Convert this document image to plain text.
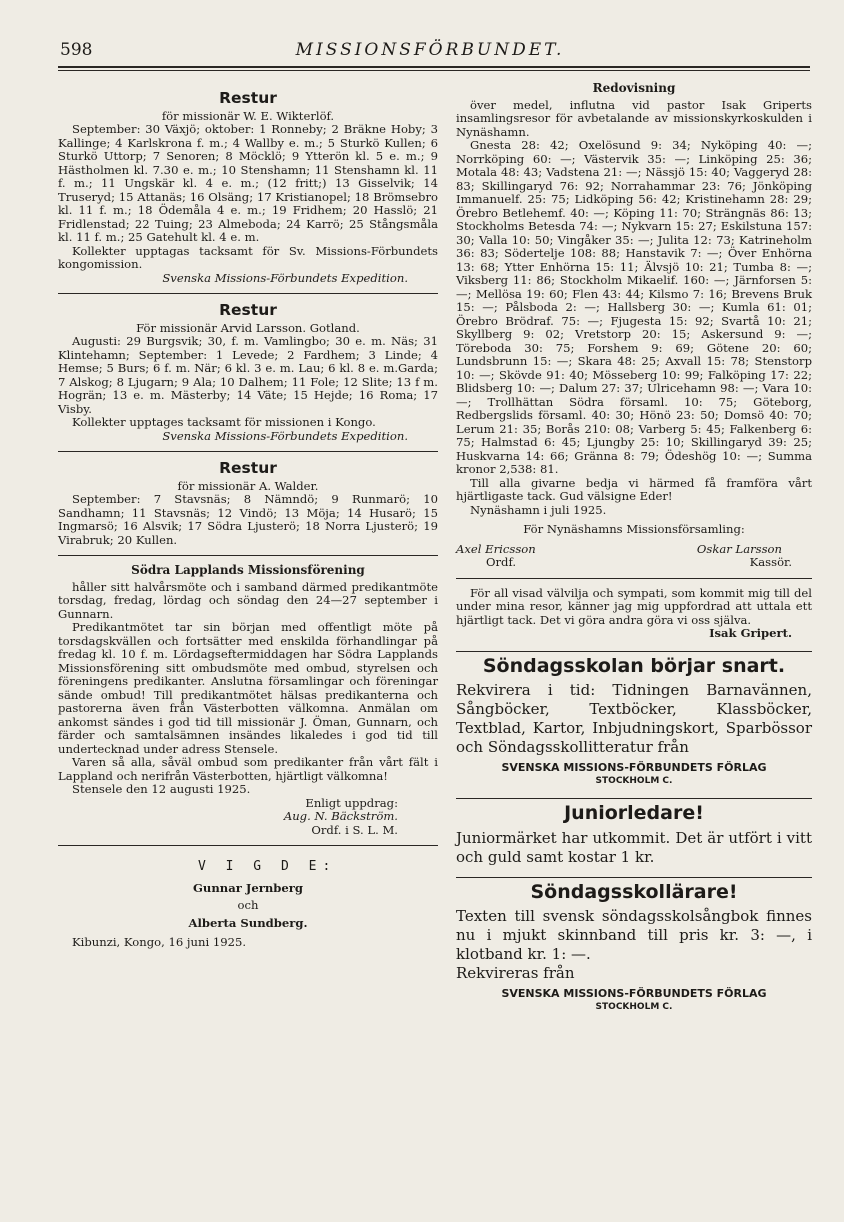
598	MISSIONSFÖRBUNDET.
Restur
för missionär W. E. Wikterlöf.
September: 30 Växjö; oktober: 1 Ronneby; 2 Bräkne Hoby; 3 Kallinge; 4 Karlskrona f. m.; 4 Wallby e. m.; 5 Sturkö Kullen; 6 Sturkö Uttorp; 7 Senoren; 8 Möcklö; 9 Ytterön kl. 5 e. m.; 9 Hästholmen kl. 7.30 e. m.; 10 Stenshamn; 11 Stenshamn kl. 11 f. m.; 11 Ungskär kl. 4 e. m.; (12 fritt;) 13 Gisselvik; 14 Truseryd; 15 Attanäs; 16 Olsäng; 17 Kristianopel; 18 Brömsebro kl. 11 f. m.; 18 Ödemåla 4 e. m.; 19 Fridhem; 20 Hasslö; 21 Fridlenstad; 22 Tuing; 23 Almeboda; 24 Karrö; 25 Stångsmåla kl. 11 f. m.; 25 Gatehult kl. 4 e. m.
Kollekter upptagas tacksamt för Sv. Missions-Förbundets kongomission.
Svenska Missions-Förbundets Expedition.
Restur
För missionär Arvid Larsson. Gotland.
Augusti: 29 Burgsvik; 30, f. m. Vamlingbo; 30 e. m. Näs; 31 Klintehamn; September: 1 Levede; 2 Fardhem; 3 Linde; 4 Hemse; 5 Burs; 6 f. m. När; 6 kl. 3 e. m. Lau; 6 kl. 8 e. m.Garda; 7 Alskog; 8 Ljugarn; 9 Ala; 10 Dalhem; 11 Fole; 12 Slite; 13 f m. Hogrän; 13 e. m. Mästerby; 14 Väte; 15 Hejde; 16 Roma; 17 Visby.
Kollekter upptages tacksamt för missionen i Kongo.
Svenska Missions-Förbundets Expedition.
Restur
för missionär A. Walder.
September: 7 Stavsnäs; 8 Nämndö; 9 Runmarö; 10 Sandhamn; 11 Stavsnäs; 12 Vindö; 13 Möja; 14 Husarö; 15 Ingmarsö; 16 Alsvik; 17 Södra Ljusterö; 18 Norra Ljusterö; 19 Virabruk; 20 Kullen.
Södra Lapplands Missionsförening
håller sitt halvårsmöte och i samband därmed predikantmöte torsdag, fredag, lördag och söndag den 24—27 september i Gunnarn.
Predikantmötet tar sin början med offentligt möte på torsdagskvällen och fortsätter med enskilda förhandlingar på fredag kl. 10 f. m. Lördagseftermiddagen har Södra Lapplands Missionsförening sitt ombudsmöte med ombud, styrelsen och föreningens predikanter. Anslutna församlingar och föreningar sände ombud! Till predikantmötet hälsas predikanterna och pastorerna även från Västerbotten välkomna. Anmälan om ankomst sändes i god tid till missionär J. Öman, Gunnarn, och färder och samtalsämnen insändes likaledes i god tid till undertecknad under adress Stensele.
Varen så alla, såväl ombud som predikanter från vårt fält i Lappland och nerifrån Västerbotten, hjärtligt välkomna!
Stensele den 12 augusti 1925.
Enligt uppdrag:
Aug. N. Bäckström.
Ordf. i S. L. M.
V I G D E:
Gunnar Jernberg
och
Alberta Sundberg.
Kibunzi, Kongo, 16 juni 1925.
Redovisning
över medel, influtna vid pastor Isak Griperts insamlingsresor för avbetalande av missionskyrkoskulden i Nynäshamn.
Gnesta 28: 42; Oxelösund 9: 34; Nyköping 40: —; Norrköping 60: —; Västervik 35: —; Linköping 25: 36; Motala 48: 43; Vadstena 21: —; Nässjö 15: 40; Vaggeryd 28: 83; Skillingaryd 76: 92; Norrahammar 23: 76; Jönköping Immanuelf. 25: 75; Lidköping 56: 42; Kristinehamn 28: 29; Örebro Betlehemf. 40: —; Köping 11: 70; Strängnäs 86: 13; Stockholms Betesda 74: —; Nykvarn 15: 27; Eskilstuna 157: 30; Valla 10: 50; Vingåker 35: —; Julita 12: 73; Katrineholm 36: 83; Södertelje 108: 88; Hanstavik 7: —; Över Enhörna 13: 68; Ytter Enhörna 15: 11; Älvsjö 10: 21; Tumba 8: —; Viksberg 11: 86; Stockholm Mikaelif. 160: —; Järnforsen 5: —; Mellösa 19: 60; Flen 43: 44; Kilsmo 7: 16; Brevens Bruk 15: —; Pålsboda 2: —; Hallsberg 30: —; Kumla 61: 01; Örebro Brödraf. 75: —; Fjugesta 15: 92; Svartå 10: 21; Skyllberg 9: 02; Vretstorp 20: 15; Askersund 9: —; Töreboda 30: 75; Forshem 9: 69; Götene 20: 60; Lundsbrunn 15: —; Skara 48: 25; Axvall 15: 78; Stenstorp 10: —; Skövde 91: 40; Mösseberg 10: 99; Falköping 17: 22; Blidsberg 10: —; Dalum 27: 37; Ulricehamn 98: —; Vara 10: —; Trollhättan Södra församl. 10: 75; Göteborg, Redbergslids församl. 40: 30; Hönö 23: 50; Domsö 40: 70; Lerum 21: 35; Borås 210: 08; Varberg 5: 45; Falkenberg 6: 75; Halmstad 6: 45; Ljungby 25: 10; Skillingaryd 39: 25; Huskvarna 14: 66; Gränna 8: 79; Ödeshög 10: —; Summa kronor 2,538: 81.
Till alla givarne bedja vi härmed få framföra vårt hjärtligaste tack. Gud välsigne Eder!
Nynäshamn i juli 1925.
För Nynäshamns Missionsförsamling:
Axel Ericsson	Oskar Larsson
Ordf.	Kassör.
För all visad välvilja och sympati, som kommit mig till del under mina resor, känner jag mig uppfordrad att uttala ett hjärtligt tack. Det vi göra andra göra vi oss själva.
Isak Gripert.
Söndagsskolan börjar snart.
Rekvirera i tid: Tidningen Barnavännen, Sångböcker, Textböcker, Klassböcker, Textblad, Kartor, Inbjudningskort, Sparbössor och Söndagsskollitteratur från
SVENSKA MISSIONS-FÖRBUNDETS FÖRLAG
STOCKHOLM C.
Juniorledare!
Juniormärket har utkommit. Det är utfört i vitt och guld samt kostar 1 kr.
Söndagsskollärare!
Texten till svensk söndagsskolsångbok finnes nu i mjukt skinnband till pris kr. 3: —, i klotband kr. 1: —.
Rekvireras från
SVENSKA MISSIONS-FÖRBUNDETS FÖRLAG
STOCKHOLM C.
